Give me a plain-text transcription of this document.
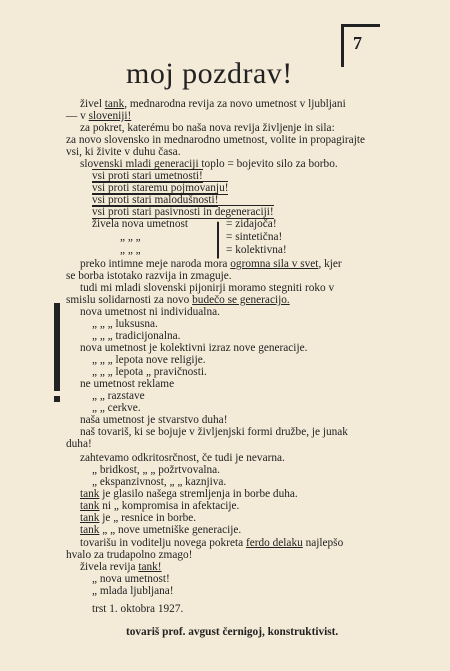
7
moj pozdrav!
živel tank, mednarodna revija za novo umetnost v ljubljani
— v sloveniji!
za pokret, katerému bo naša nova revija življenje in sila:
za novo slovensko in mednarodno umetnost, volite in propagirajte
vsi, ki živite v duhu časa.
slovenski mladi generaciji toplo = bojevito silo za borbo.
vsi proti stari umetnosti!
vsi proti staremu pojmovanju!
vsi proti stari malodušnosti!
vsi proti stari pasivnosti in degeneraciji!
živela nova umetnost	= zidajoča!
„ „ „	= sintetična!
„ „ „	= kolektivna!
|
preko intimne meje naroda mora ogromna sila v svet, kjer
se borba istotako razvija in zmaguje.
tudi mi mladi slovenski pijonirji moramo stegniti roko v
smislu solidarnosti za novo budečo se generacijo.
nova umetnost ni individualna.
„ „ „ luksusna.
„ „ „ tradicijonalna.
nova umetnost je kolektivni izraz nove generacije.
„ „ „ lepota nove religije.
„ „ „ lepota „ pravičnosti.
ne umetnost reklame
„ „ razstave
„ „ cerkve.
naša umetnost je stvarstvo duha!
naš tovariš, ki se bojuje v življenjski formi družbe, je junak
duha!
zahtevamo odkritosrčnost, če tudi je nevarna.
„ bridkost, „ „ požrtvovalna.
„ ekspanzivnost, „ „ kaznjiva.
tank je glasilo našega stremljenja in borbe duha.
tank ni „ kompromisa in afektacije.
tank je „ resnice in borbe.
tank „ „ nove umetniške generacije.
tovarišu in voditelju novega pokreta ferdo delaku najlepšo
hvalo za trudapolno zmago!
živela revija tank!
„ nova umetnost!
„ mlada ljubljana!
trst 1. oktobra 1927.
tovariš prof. avgust černigoj, konstruktivist.
